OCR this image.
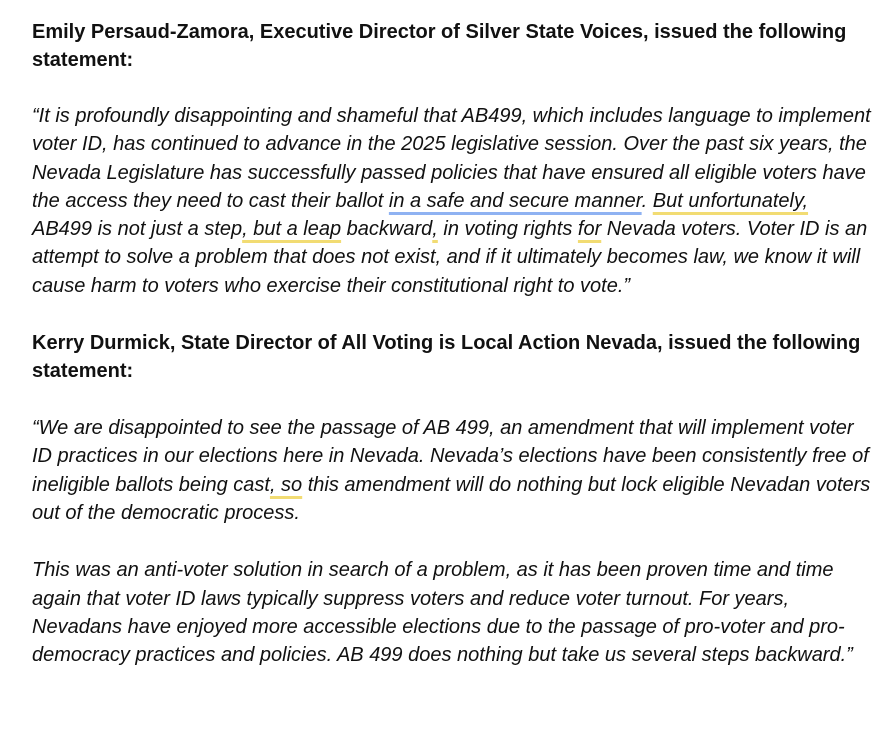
Emily Persaud-Zamora, Executive Director of Silver State Voices, issued the following statement:

“It is profoundly disappointing and shameful that AB499, which includes language to implement voter ID, has continued to advance in the 2025 legislative session. Over the past six years, the Nevada Legislature has successfully passed policies that have ensured all eligible voters have the access they need to cast their ballot in a safe and secure manner. But unfortunately, AB499 is not just a step, but a leap backward, in voting rights for Nevada voters. Voter ID is an attempt to solve a problem that does not exist, and if it ultimately becomes law, we know it will cause harm to voters who exercise their constitutional right to vote.”

Kerry Durmick, State Director of All Voting is Local Action Nevada, issued the following statement:

“We are disappointed to see the passage of AB 499, an amendment that will implement voter ID practices in our elections here in Nevada. Nevada’s elections have been consistently free of ineligible ballots being cast, so this amendment will do nothing but lock eligible Nevadan voters out of the democratic process.

This was an anti-voter solution in search of a problem, as it has been proven time and time again that voter ID laws typically suppress voters and reduce voter turnout. For years, Nevadans have enjoyed more accessible elections due to the passage of pro-voter and pro-democracy practices and policies. AB 499 does nothing but take us several steps backward.”
